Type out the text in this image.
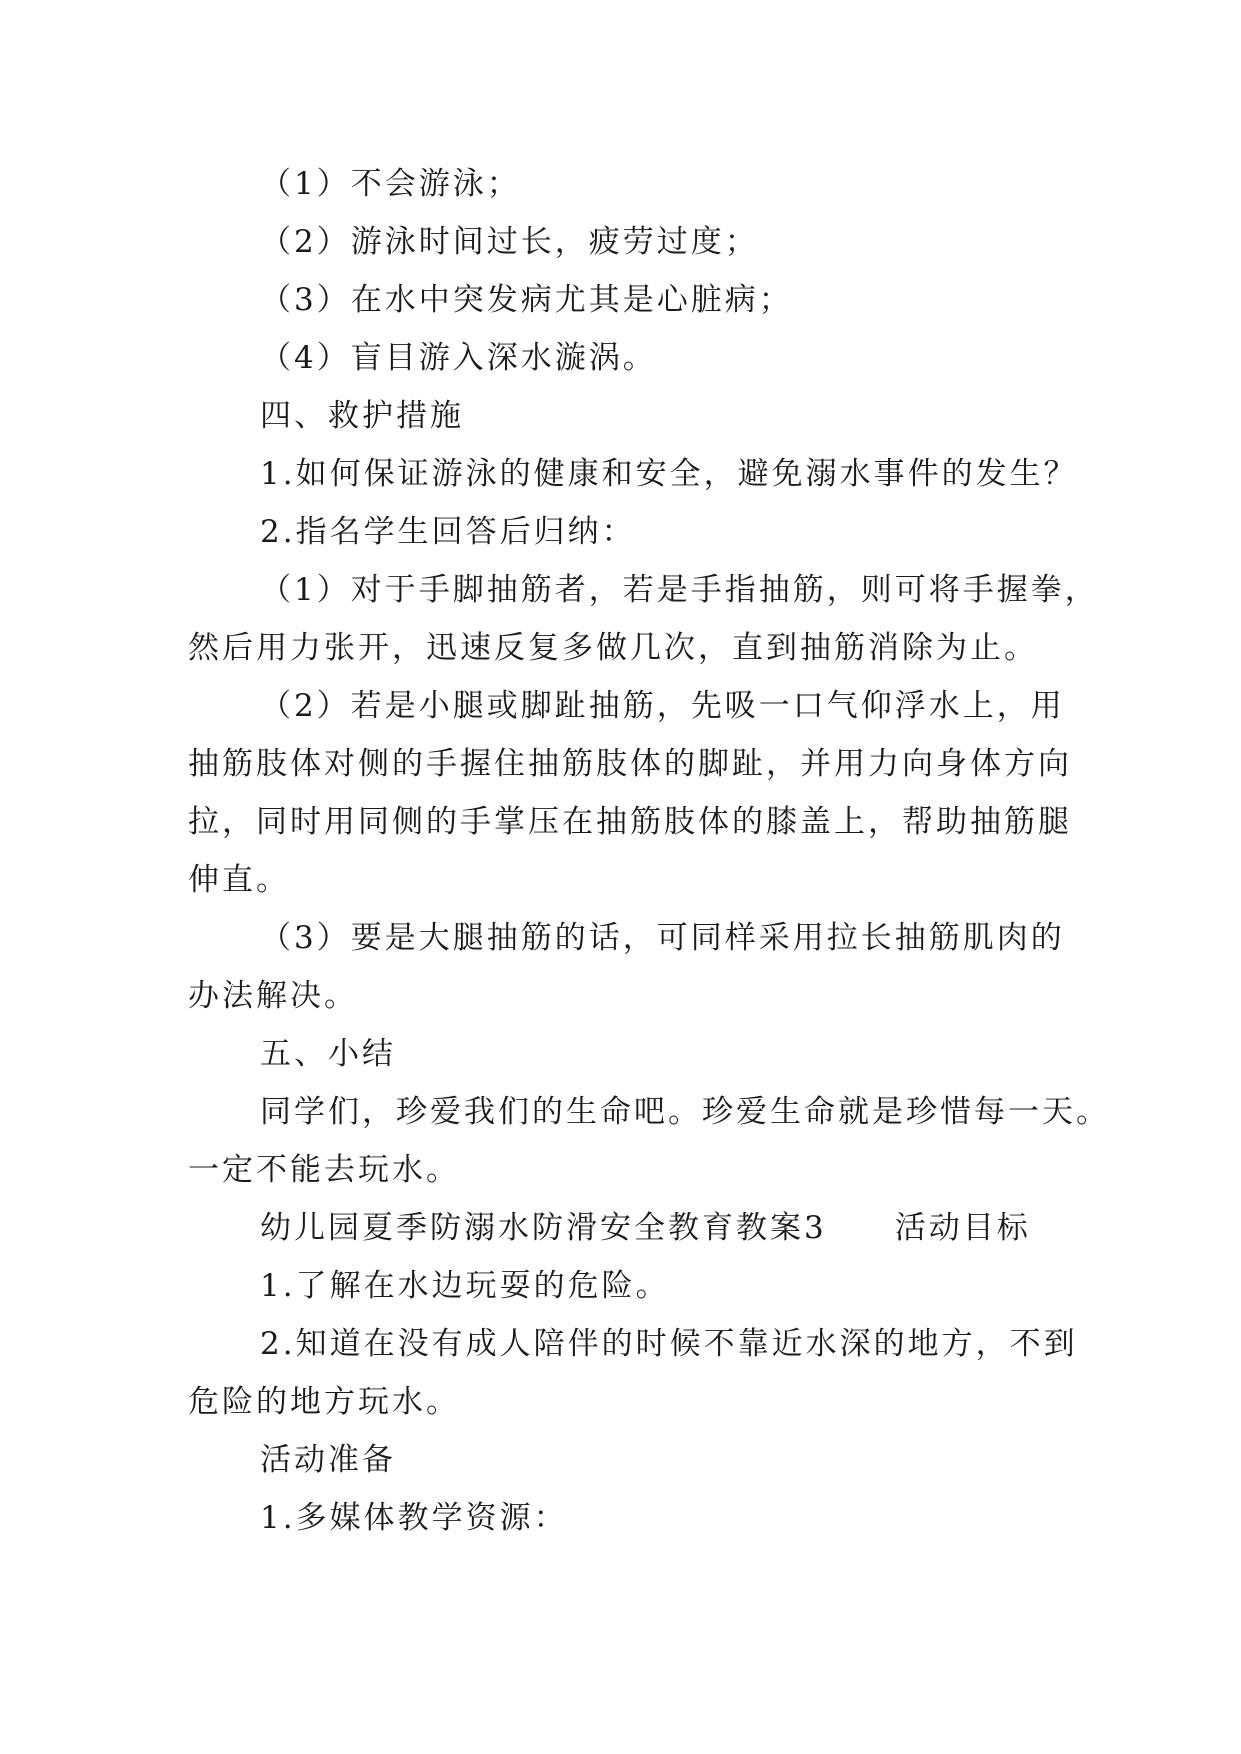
（1）不会游泳；
（2）游泳时间过长，疲劳过度；
（3）在水中突发病尤其是心脏病；
（4）盲目游入深水漩涡。
四、救护措施
1.如何保证游泳的健康和安全，避免溺水事件的发生？
2.指名学生回答后归纳：
（1）对于手脚抽筋者，若是手指抽筋，则可将手握拳，
然后用力张开，迅速反复多做几次，直到抽筋消除为止。
（2）若是小腿或脚趾抽筋，先吸一口气仰浮水上，用
抽筋肢体对侧的手握住抽筋肢体的脚趾，并用力向身体方向
拉，同时用同侧的手掌压在抽筋肢体的膝盖上，帮助抽筋腿
伸直。
（3）要是大腿抽筋的话，可同样采用拉长抽筋肌肉的
办法解决。
五、小结
同学们，珍爱我们的生命吧。珍爱生命就是珍惜每一天。
一定不能去玩水。
幼儿园夏季防溺水防滑安全教育教案3　　活动目标
1.了解在水边玩耍的危险。
2.知道在没有成人陪伴的时候不靠近水深的地方，不到
危险的地方玩水。
活动准备
1.多媒体教学资源：
